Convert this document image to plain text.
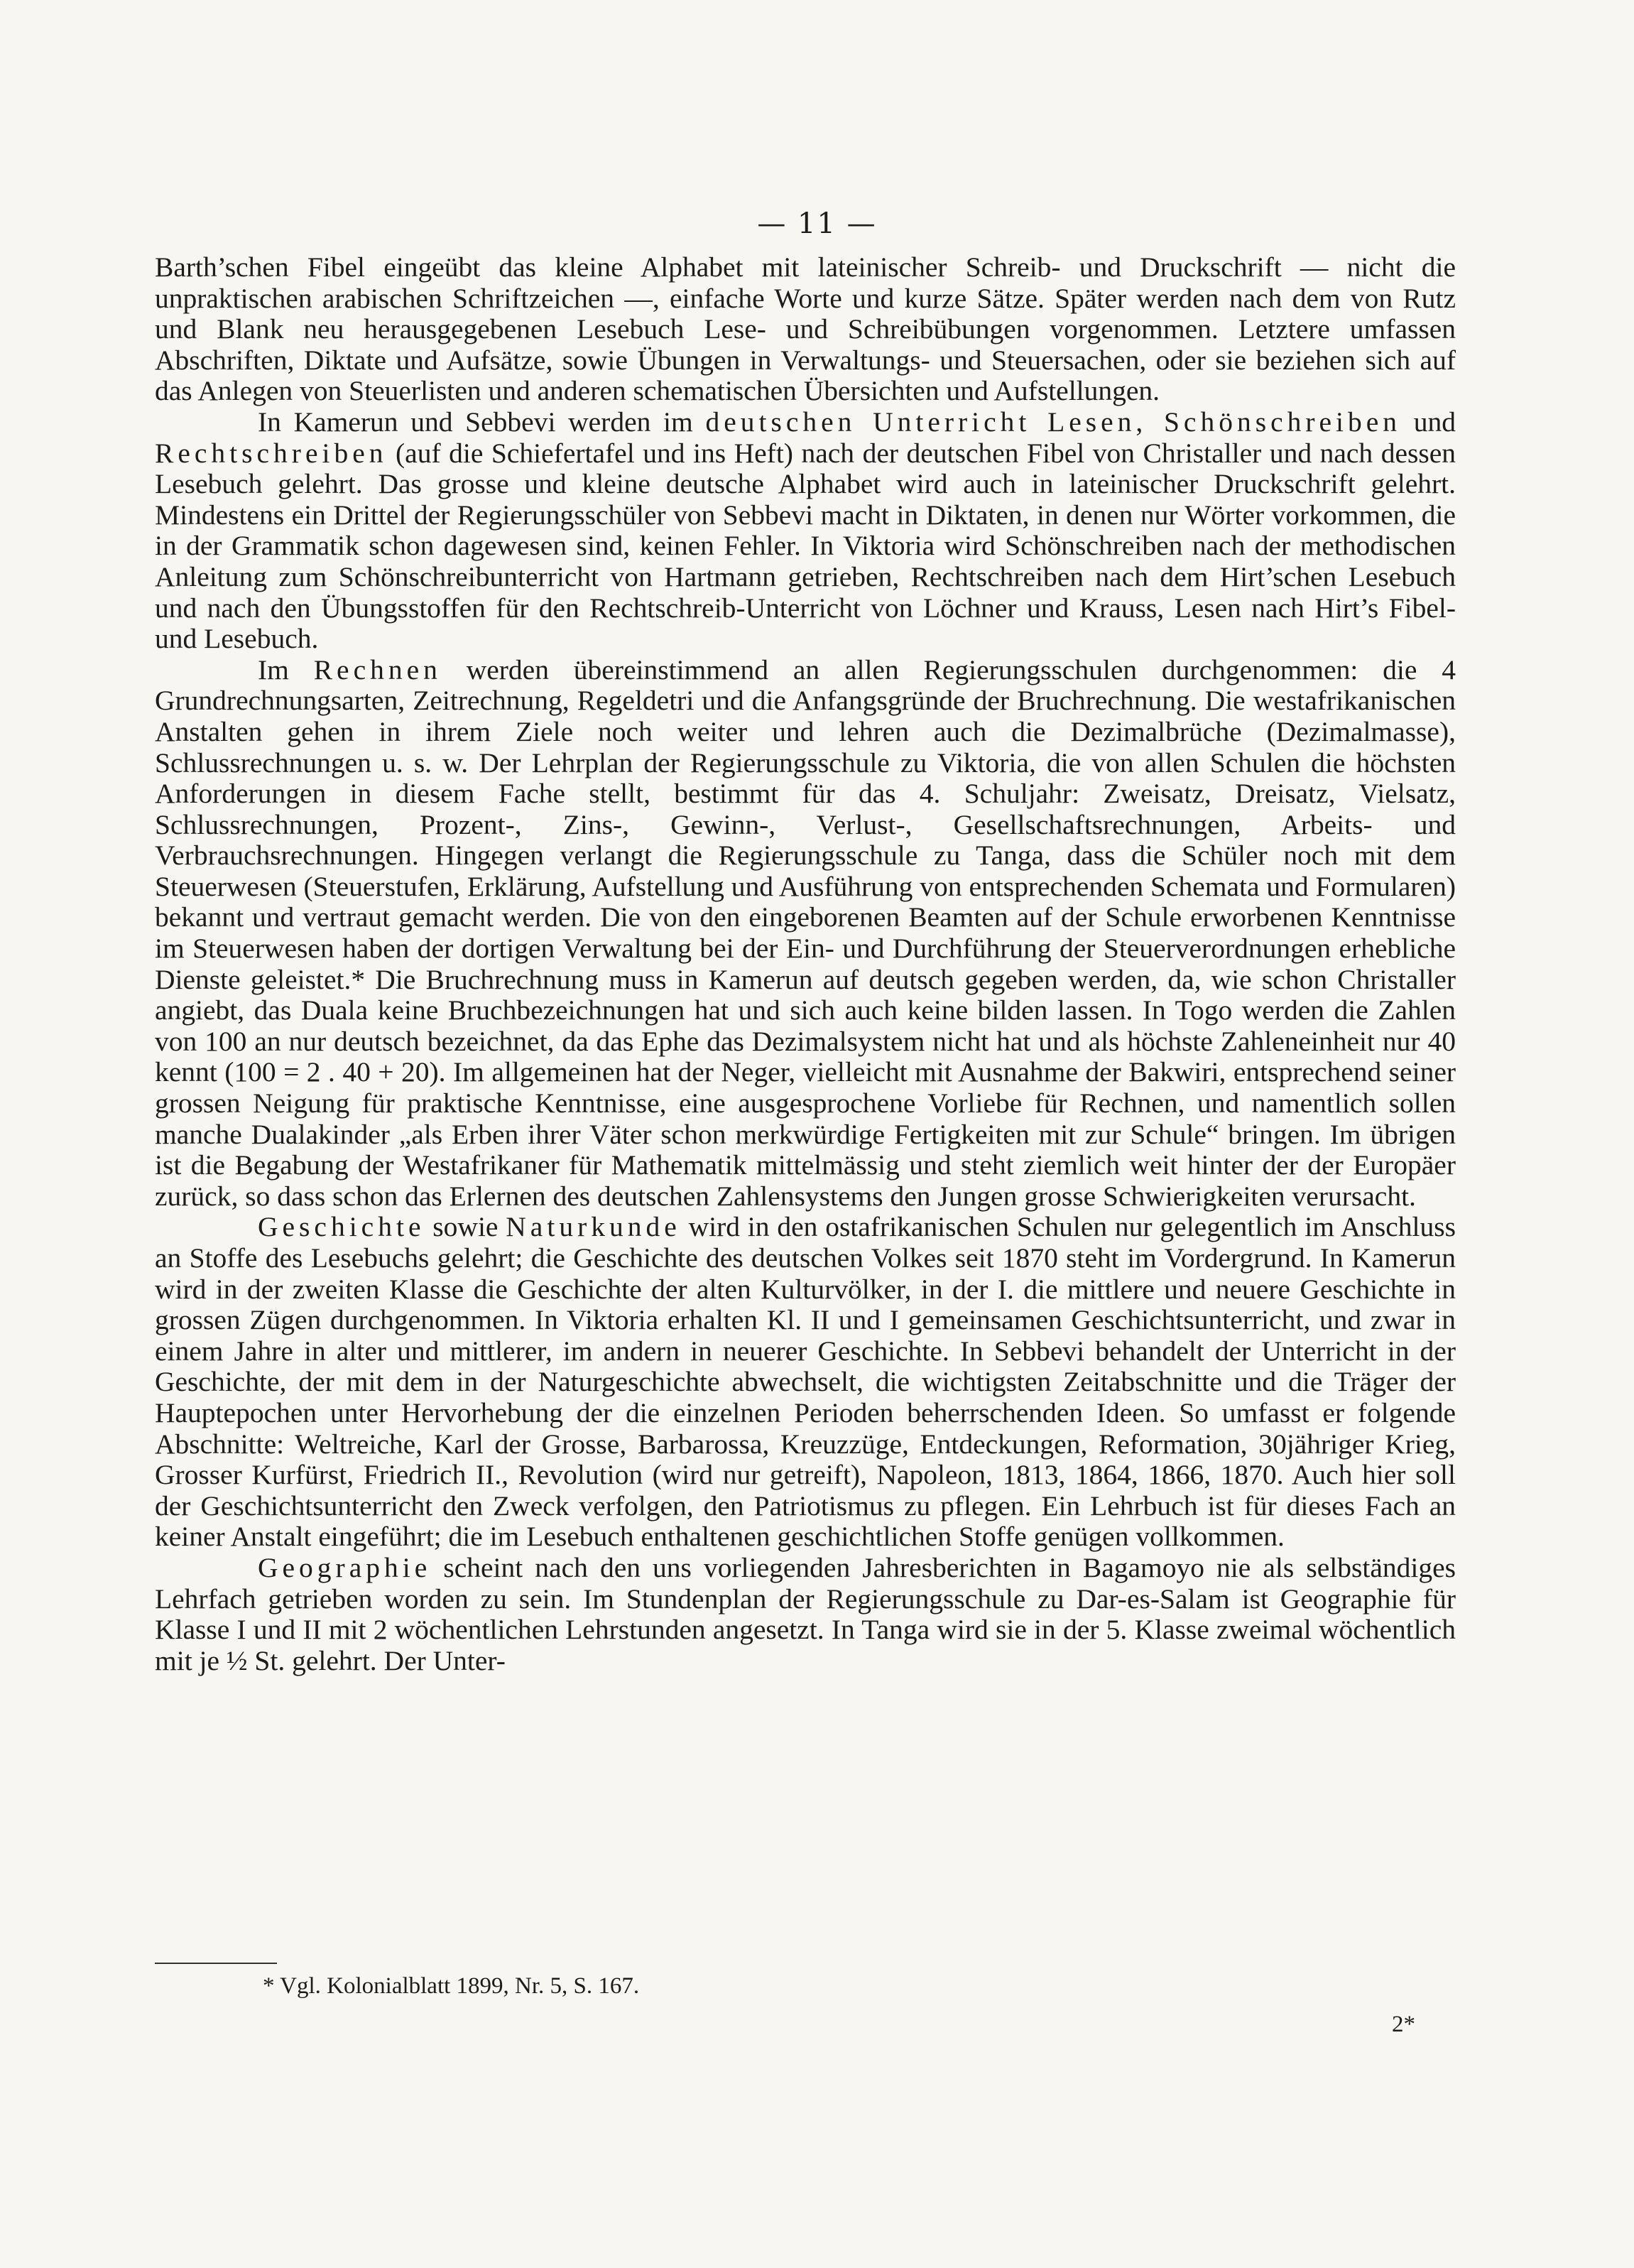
— 11 —

Barth’schen Fibel eingeübt das kleine Alphabet mit lateinischer Schreib- und Druckschrift — nicht die unpraktischen arabischen Schriftzeichen —, einfache Worte und kurze Sätze. Später werden nach dem von Rutz und Blank neu herausgegebenen Lesebuch Lese- und Schreibübungen vorgenommen. Letztere umfassen Abschriften, Diktate und Aufsätze, sowie Übungen in Verwaltungs- und Steuersachen, oder sie beziehen sich auf das Anlegen von Steuerlisten und anderen schematischen Übersichten und Aufstellungen.

In Kamerun und Sebbevi werden im deutschen Unterricht Lesen, Schönschreiben und Rechtschreiben (auf die Schiefertafel und ins Heft) nach der deutschen Fibel von Christaller und nach dessen Lesebuch gelehrt. Das grosse und kleine deutsche Alphabet wird auch in lateinischer Druckschrift gelehrt. Mindestens ein Drittel der Regierungsschüler von Sebbevi macht in Diktaten, in denen nur Wörter vorkommen, die in der Grammatik schon dagewesen sind, keinen Fehler. In Viktoria wird Schönschreiben nach der methodischen Anleitung zum Schönschreibunterricht von Hartmann getrieben, Rechtschreiben nach dem Hirt’schen Lesebuch und nach den Übungsstoffen für den Rechtschreib-Unterricht von Löchner und Krauss, Lesen nach Hirt’s Fibel- und Lesebuch.

Im Rechnen werden übereinstimmend an allen Regierungsschulen durchgenommen: die 4 Grundrechnungsarten, Zeitrechnung, Regeldetri und die Anfangsgründe der Bruchrechnung. Die westafrikanischen Anstalten gehen in ihrem Ziele noch weiter und lehren auch die Dezimalbrüche (Dezimalmasse), Schlussrechnungen u. s. w. Der Lehrplan der Regierungsschule zu Viktoria, die von allen Schulen die höchsten Anforderungen in diesem Fache stellt, bestimmt für das 4. Schuljahr: Zweisatz, Dreisatz, Vielsatz, Schlussrechnungen, Prozent-, Zins-, Gewinn-, Verlust-, Gesellschaftsrechnungen, Arbeits- und Verbrauchsrechnungen. Hingegen verlangt die Regierungsschule zu Tanga, dass die Schüler noch mit dem Steuerwesen (Steuerstufen, Erklärung, Aufstellung und Ausführung von entsprechenden Schemata und Formularen) bekannt und vertraut gemacht werden. Die von den eingeborenen Beamten auf der Schule erworbenen Kenntnisse im Steuerwesen haben der dortigen Verwaltung bei der Ein- und Durchführung der Steuerverordnungen erhebliche Dienste geleistet.* Die Bruchrechnung muss in Kamerun auf deutsch gegeben werden, da, wie schon Christaller angiebt, das Duala keine Bruchbezeichnungen hat und sich auch keine bilden lassen. In Togo werden die Zahlen von 100 an nur deutsch bezeichnet, da das Ephe das Dezimalsystem nicht hat und als höchste Zahleneinheit nur 40 kennt (100 = 2 . 40 + 20). Im allgemeinen hat der Neger, vielleicht mit Ausnahme der Bakwiri, entsprechend seiner grossen Neigung für praktische Kenntnisse, eine ausgesprochene Vorliebe für Rechnen, und namentlich sollen manche Dualakinder „als Erben ihrer Väter schon merkwürdige Fertigkeiten mit zur Schule“ bringen. Im übrigen ist die Begabung der Westafrikaner für Mathematik mittelmässig und steht ziemlich weit hinter der der Europäer zurück, so dass schon das Erlernen des deutschen Zahlensystems den Jungen grosse Schwierigkeiten verursacht.

Geschichte sowie Naturkunde wird in den ostafrikanischen Schulen nur gelegentlich im Anschluss an Stoffe des Lesebuchs gelehrt; die Geschichte des deutschen Volkes seit 1870 steht im Vordergrund. In Kamerun wird in der zweiten Klasse die Geschichte der alten Kulturvölker, in der I. die mittlere und neuere Geschichte in grossen Zügen durchgenommen. In Viktoria erhalten Kl. II und I gemeinsamen Geschichtsunterricht, und zwar in einem Jahre in alter und mittlerer, im andern in neuerer Geschichte. In Sebbevi behandelt der Unterricht in der Geschichte, der mit dem in der Naturgeschichte abwechselt, die wichtigsten Zeitabschnitte und die Träger der Hauptepochen unter Hervorhebung der die einzelnen Perioden beherrschenden Ideen. So umfasst er folgende Abschnitte: Weltreiche, Karl der Grosse, Barbarossa, Kreuzzüge, Entdeckungen, Reformation, 30jähriger Krieg, Grosser Kurfürst, Friedrich II., Revolution (wird nur getreift), Napoleon, 1813, 1864, 1866, 1870. Auch hier soll der Geschichtsunterricht den Zweck verfolgen, den Patriotismus zu pflegen. Ein Lehrbuch ist für dieses Fach an keiner Anstalt eingeführt; die im Lesebuch enthaltenen geschichtlichen Stoffe genügen vollkommen.

Geographie scheint nach den uns vorliegenden Jahresberichten in Bagamoyo nie als selbständiges Lehrfach getrieben worden zu sein. Im Stundenplan der Regierungsschule zu Dar-es-Salam ist Geographie für Klasse I und II mit 2 wöchentlichen Lehrstunden angesetzt. In Tanga wird sie in der 5. Klasse zweimal wöchentlich mit je ½ St. gelehrt. Der Unter-

* Vgl. Kolonialblatt 1899, Nr. 5, S. 167.
2*
